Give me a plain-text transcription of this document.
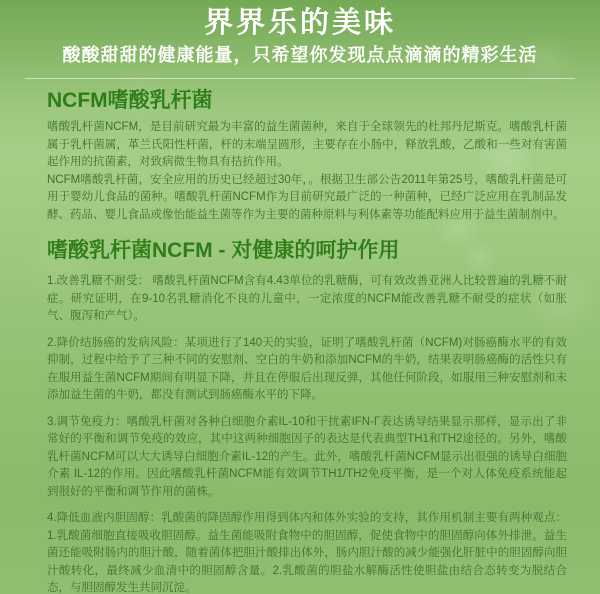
界界乐的美味
酸酸甜甜的健康能量，只希望你发现点点滴滴的精彩生活
NCFM嗜酸乳杆菌

嗜酸乳杆菌NCFM，是目前研究最为丰富的益生菌菌种，来自于全球领先的杜邦丹尼斯克。嗜酸乳杆菌属于乳杆菌属，革兰氏阳性杆菌，杆的末端呈圆形，主要存在小肠中，释放乳酸，乙酸和一些对有害菌起作用的抗菌素，对致病微生物具有拮抗作用。

NCFM嗜酸乳杆菌，安全应用的历史已经超过30年，。根据卫生部公告2011年第25号，嗜酸乳杆菌是可用于婴幼儿食品的菌种。嗜酸乳杆菌NCFM作为目前研究最广泛的一种菌种，已经广泛应用在乳制品发酵、药品、婴儿食品或像怡能益生菌等作为主要的菌种原料与利体素等功能配料应用于益生菌制剂中。

嗜酸乳杆菌NCFM - 对健康的呵护作用

1.改善乳糖不耐受： 嗜酸乳杆菌NCFM含有4.43单位的乳糖酶，可有效改善亚洲人比较普遍的乳糖不耐症。研究证明，在9-10名乳糖消化不良的儿童中，一定浓度的NCFM能改善乳糖不耐受的症状（如胀气、腹泻和产气）。

2.降价结肠癌的发病风险：某项进行了140天的实验，证明了嗜酸乳杆菌（NCFM)对肠癌酶水平的有效抑制，过程中给予了三种不同的安慰剂、空白的牛奶和添加NCFM的牛奶，结果表明肠癌酶的活性只有在服用益生菌NCFM期间有明显下降，并且在停服后出现反弹，其他任何阶段，如服用三种安慰剂和未添加益生菌的牛奶，都没有测试到肠癌酶水平的下降。

3.调节免疫力：嗜酸乳杆菌对各种白细胞介素IL-10和干扰素IFN-Γ表达诱导结果显示那样，显示出了非常好的平衡和调节免疫的效应，其中这两种细胞因子的表达是代表典型TH1和TH2途径的。另外，嗜酸乳杆菌NCFM可以大大诱导白细胞介素IL-12的产生。此外，嗜酸乳杆菌NCFM显示出很强的诱导白细胞介素 IL-12的作用。因此嗜酸乳杆菌NCFM能有效调节TH1/TH2免疫平衡，是一个对人体免疫系统能起到很好的平衡和调节作用的菌株。

4.降低血液内胆固醇：乳酸菌的降固醇作用得到体内和体外实验的支持，其作用机制主要有两种观点：1.乳酸菌细胞直接吸收胆固醇。益生菌能吸附食物中的胆固醇，促使食物中的胆固醇向体外排泄。益生菌还能吸附肠内的胆汁酸，随着菌体把胆汁酸排出体外，肠内胆汁酸的减少能强化肝脏中的胆固醇向胆汁酸转化，最终减少血清中的胆固醇含量。2.乳酸菌的胆盐水解酶活性使胆盐由结合态转变为脱结合态，与胆固醇发生共同沉淀。
